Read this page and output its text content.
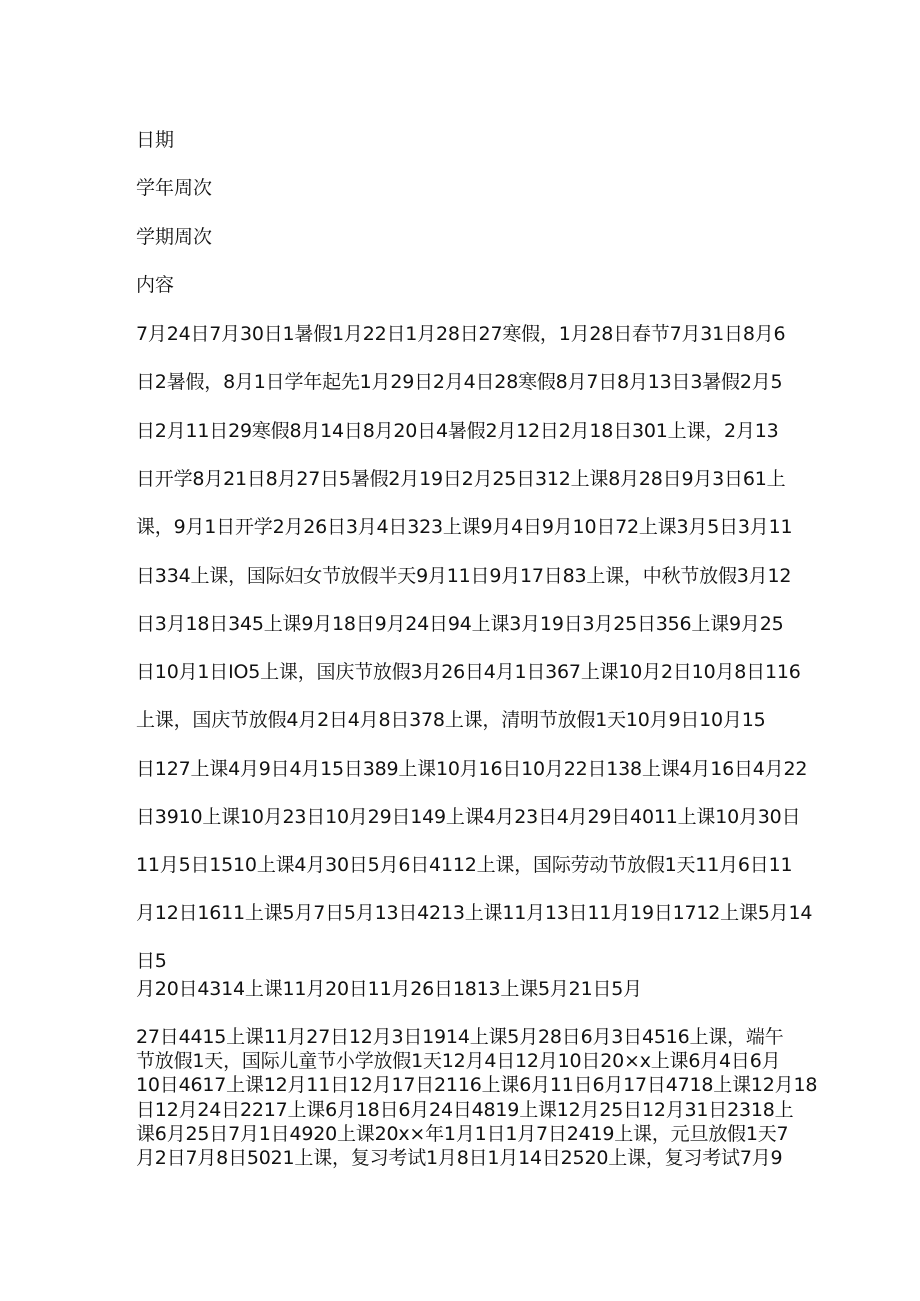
日期
学年周次
学期周次
内容
7月24日7月30日1暑假1月22日1月28日27寒假，1月28日春节7月31日8月6
日2暑假，8月1日学年起先1月29日2月4日28寒假8月7日8月13日3暑假2月5
日2月11日29寒假8月14日8月20日4暑假2月12日2月18日301上课，2月13
日开学8月21日8月27日5暑假2月19日2月25日312上课8月28日9月3日61上
课，9月1日开学2月26日3月4日323上课9月4日9月10日72上课3月5日3月11
日334上课，国际妇女节放假半天9月11日9月17日83上课，中秋节放假3月12
日3月18日345上课9月18日9月24日94上课3月19日3月25日356上课9月25
日10月1日IO5上课，国庆节放假3月26日4月1日367上课10月2日10月8日116
上课，国庆节放假4月2日4月8日378上课，清明节放假1天10月9日10月15
日127上课4月9日4月15日389上课10月16日10月22日138上课4月16日4月22
日3910上课10月23日10月29日149上课4月23日4月29日4011上课10月30日
11月5日1510上课4月30日5月6日4112上课，国际劳动节放假1天11月6日11
月12日1611上课5月7日5月13日4213上课11月13日11月19日1712上课5月14
日5
月20日4314上课11月20日11月26日1813上课5月21日5月
27日4415上课11月27日12月3日1914上课5月28日6月3日4516上课，端午
节放假1天，国际儿童节小学放假1天12月4日12月10日20×x上课6月4日6月
10日4617上课12月11日12月17日2116上课6月11日6月17日4718上课12月18
日12月24日2217上课6月18日6月24日4819上课12月25日12月31日2318上
课6月25日7月1日4920上课20x×年1月1日1月7日2419上课，元旦放假1天7
月2日7月8日5021上课，复习考试1月8日1月14日2520上课，复习考试7月9
